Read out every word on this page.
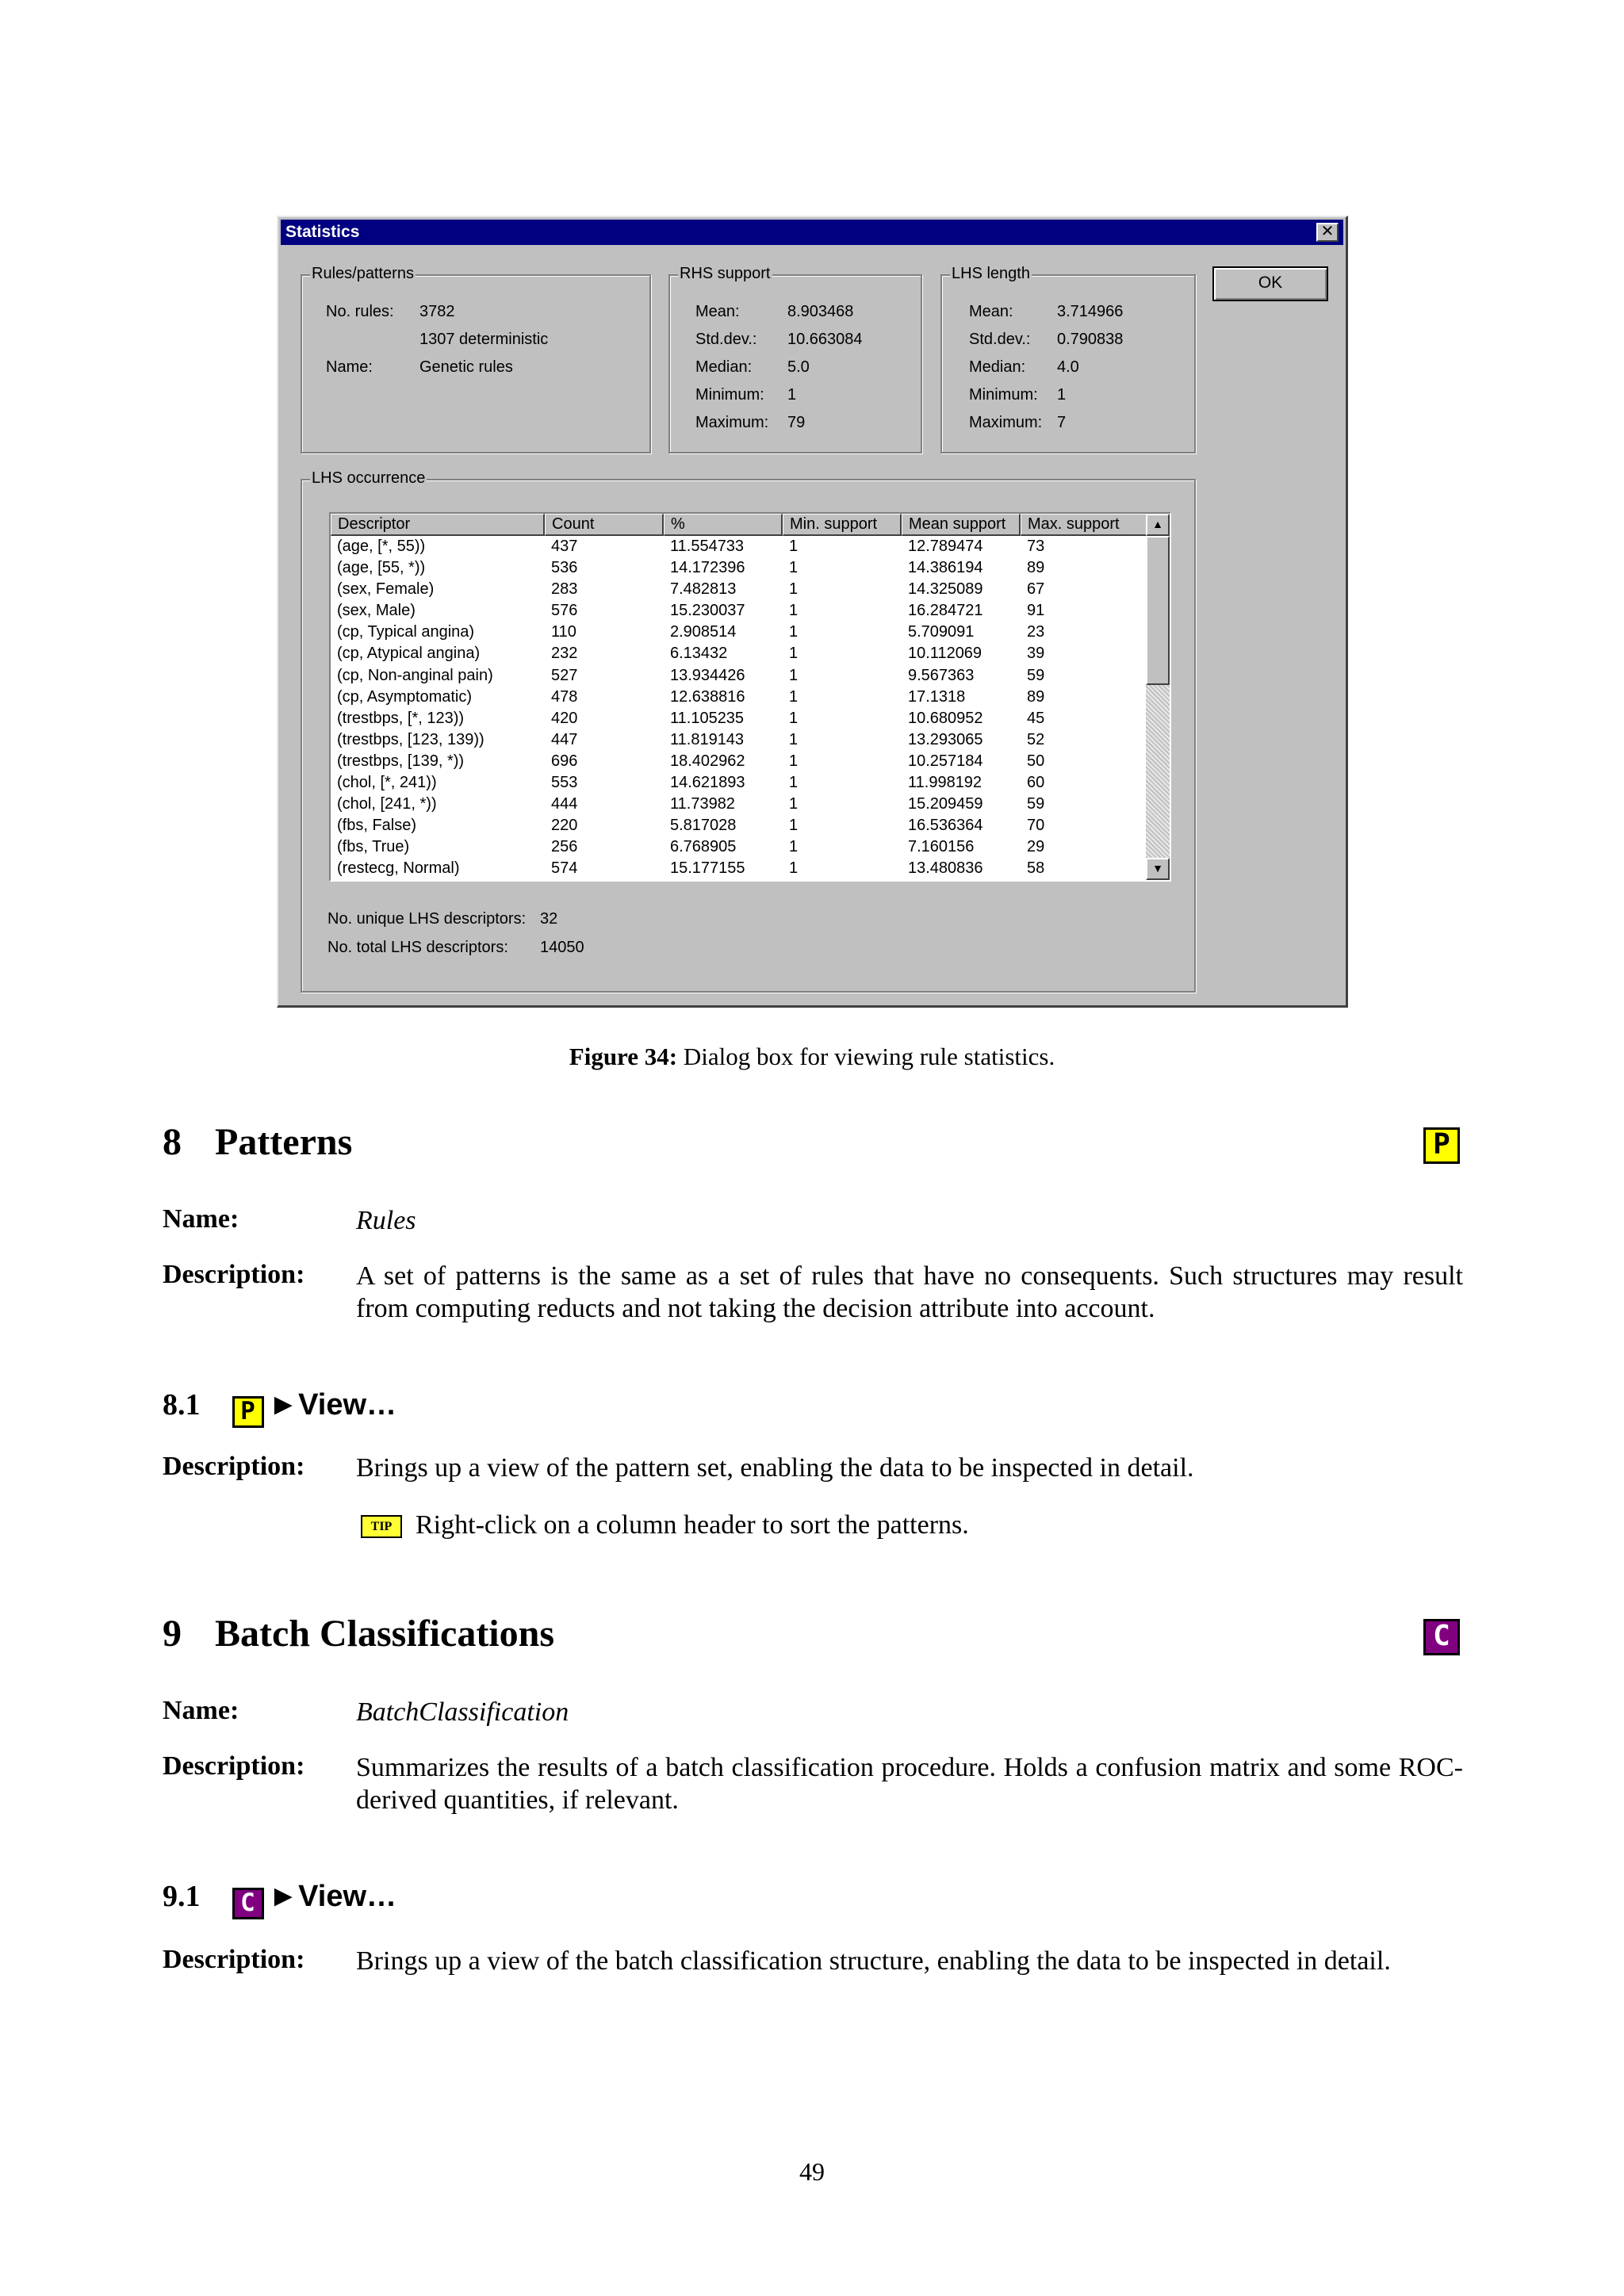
Statistics	✕
Rules/patterns
No. rules: 3782
1307 deterministic
Name:	Genetic rules
RHS support
Mean:	8.903468
Std.dev.: 10.663084
Median: 5.0
Minimum: 1
Maximum: 79
LHS length
Mean:	3.714966
Std.dev.: 0.790838
Median: 4.0
Minimum: 1
Maximum: 7
OK
LHS occurrence
Descriptor	Count	%	Min. support	Mean support	Max. support
(age, [*, 55))	437	11.554733	1	12.789474	73
(age, [55, *))	536	14.172396	1	14.386194	89
(sex, Female)	283	7.482813	1	14.325089	67
(sex, Male)	576	15.230037	1	16.284721	91
(cp, Typical angina)	110	2.908514	1	5.709091	23
(cp, Atypical angina)	232	6.13432	1	10.112069	39
(cp, Non-anginal pain)	527	13.934426	1	9.567363	59
(cp, Asymptomatic)	478	12.638816	1	17.1318	89
(trestbps, [*, 123))	420	11.105235	1	10.680952	45
(trestbps, [123, 139))	447	11.819143	1	13.293065	52
(trestbps, [139, *))	696	18.402962	1	10.257184	50
(chol, [*, 241))	553	14.621893	1	11.998192	60
(chol, [241, *))	444	11.73982	1	15.209459	59
(fbs, False)	220	5.817028	1	16.536364	70
(fbs, True)	256	6.768905	1	7.160156	29
(restecg, Normal)	574	15.177155	1	13.480836	58
▲
▼
No. unique LHS descriptors: 32
No. total LHS descriptors: 14050
Figure 34: Dialog box for viewing rule statistics.
8 Patterns	P
Name:	Rules
Description: A set of patterns is the same as a set of rules that have no consequents. Such structures may result from computing reducts and not taking the decision attribute into account.
8.1 P ►View…
Description: Brings up a view of the pattern set, enabling the data to be inspected in detail.
TIP Right-click on a column header to sort the patterns.
9 Batch Classifications	C
Name:	BatchClassification
Description: Summarizes the results of a batch classification procedure. Holds a confusion matrix and some ROC-derived quantities, if relevant.
9.1 C ►View…
Description: Brings up a view of the batch classification structure, enabling the data to be inspected in detail.
49
